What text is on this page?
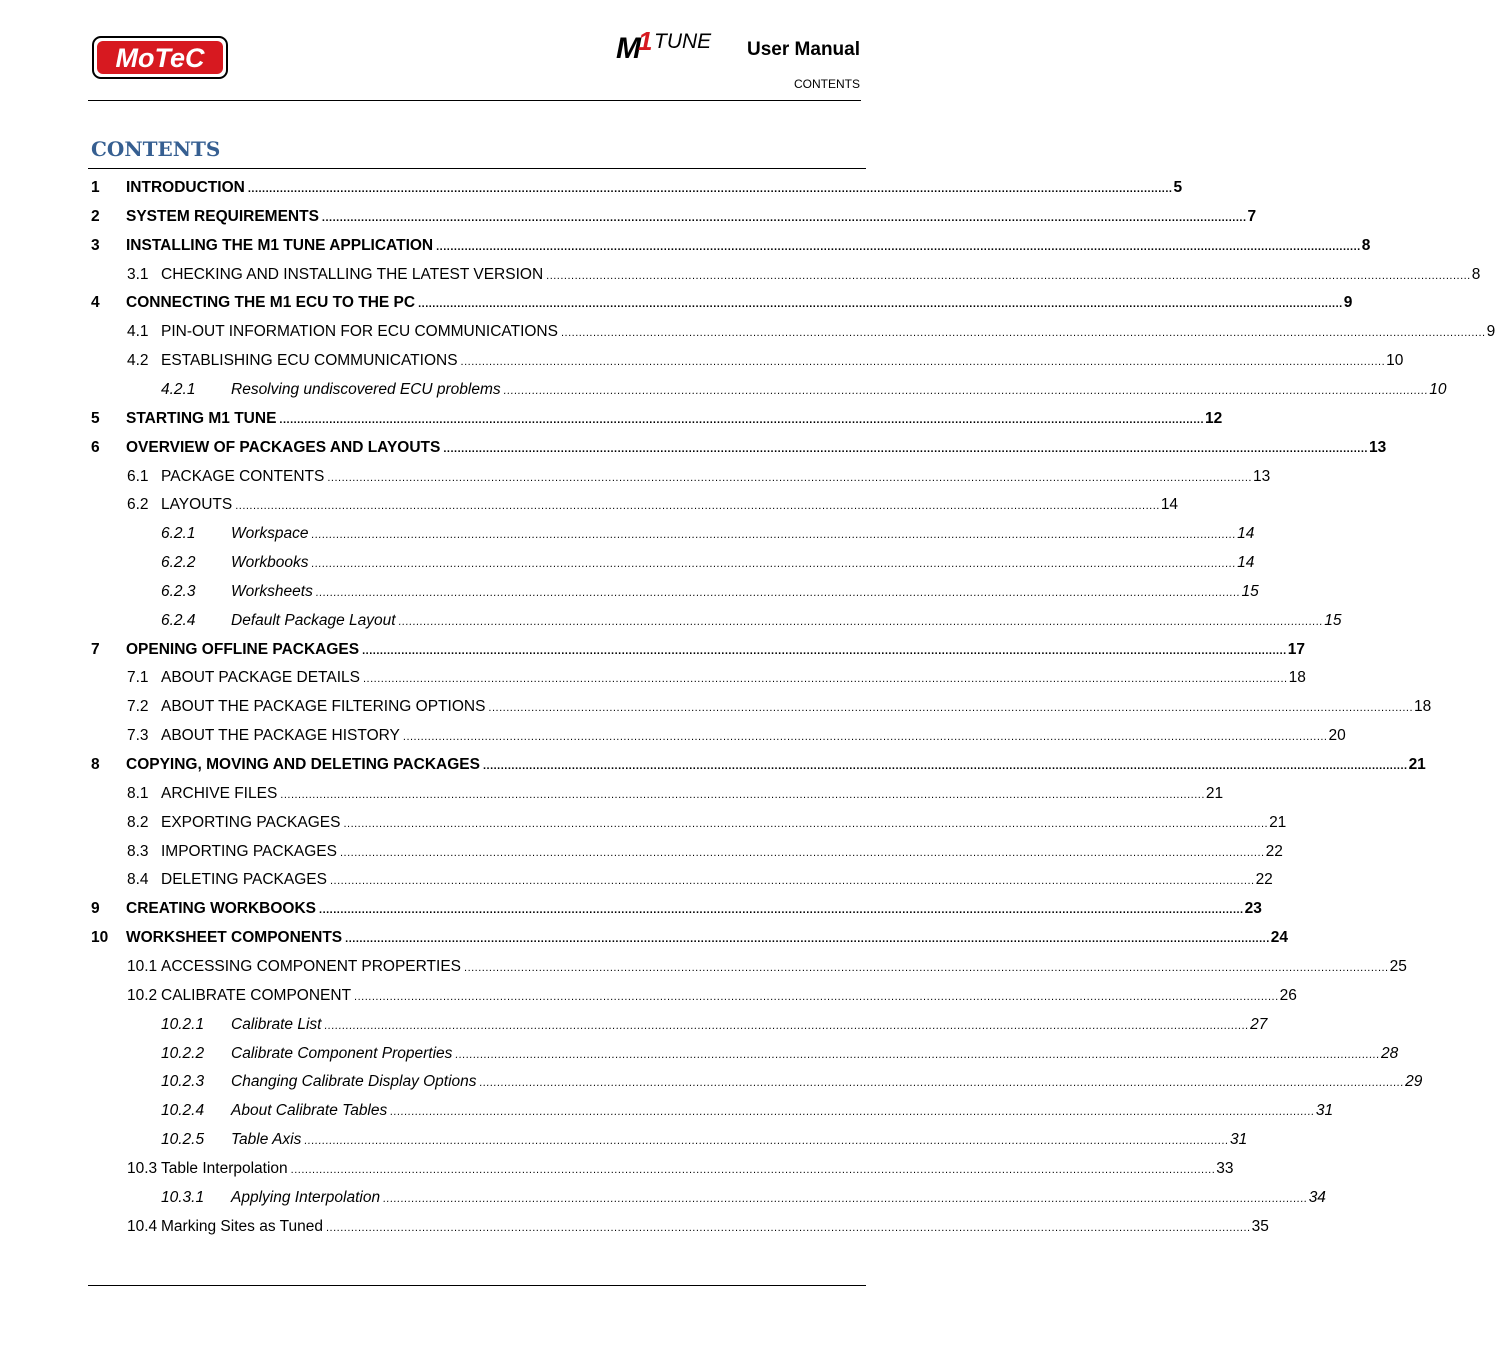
MoTeC	M
1 TUNE User Manual
CONTENTS
CONTENTS
1 INTRODUCTION .................................................................................................................................................................................................................................................................... 5
2 SYSTEM REQUIREMENTS .................................................................................................................................................................................................................................................................... 7
3 INSTALLING THE M1 TUNE APPLICATION .................................................................................................................................................................................................................................................................... 8
3.1 CHECKING AND INSTALLING THE LATEST VERSION .................................................................................................................................................................................................................................................................... 8
4 CONNECTING THE M1 ECU TO THE PC .................................................................................................................................................................................................................................................................... 9
4.1 PIN-OUT INFORMATION FOR ECU COMMUNICATIONS .................................................................................................................................................................................................................................................................... 9
4.2 ESTABLISHING ECU COMMUNICATIONS .................................................................................................................................................................................................................................................................... 10
4.2.1 Resolving undiscovered ECU problems .................................................................................................................................................................................................................................................................... 10
5 STARTING M1 TUNE .................................................................................................................................................................................................................................................................... 12
6 OVERVIEW OF PACKAGES AND LAYOUTS .................................................................................................................................................................................................................................................................... 13
6.1 PACKAGE CONTENTS .................................................................................................................................................................................................................................................................... 13
6.2 LAYOUTS .................................................................................................................................................................................................................................................................... 14
6.2.1 Workspace .................................................................................................................................................................................................................................................................... 14
6.2.2 Workbooks .................................................................................................................................................................................................................................................................... 14
6.2.3 Worksheets .................................................................................................................................................................................................................................................................... 15
6.2.4 Default Package Layout .................................................................................................................................................................................................................................................................... 15
7 OPENING OFFLINE PACKAGES .................................................................................................................................................................................................................................................................... 17
7.1 ABOUT PACKAGE DETAILS .................................................................................................................................................................................................................................................................... 18
7.2 ABOUT THE PACKAGE FILTERING OPTIONS .................................................................................................................................................................................................................................................................... 18
7.3 ABOUT THE PACKAGE HISTORY .................................................................................................................................................................................................................................................................... 20
8 COPYING, MOVING AND DELETING PACKAGES .................................................................................................................................................................................................................................................................... 21
8.1 ARCHIVE FILES .................................................................................................................................................................................................................................................................... 21
8.2 EXPORTING PACKAGES .................................................................................................................................................................................................................................................................... 21
8.3 IMPORTING PACKAGES .................................................................................................................................................................................................................................................................... 22
8.4 DELETING PACKAGES .................................................................................................................................................................................................................................................................... 22
9 CREATING WORKBOOKS .................................................................................................................................................................................................................................................................... 23
10 WORKSHEET COMPONENTS .................................................................................................................................................................................................................................................................... 24
10.1 ACCESSING COMPONENT PROPERTIES .................................................................................................................................................................................................................................................................... 25
10.2 CALIBRATE COMPONENT .................................................................................................................................................................................................................................................................... 26
10.2.1 Calibrate List .................................................................................................................................................................................................................................................................... 27
10.2.2 Calibrate Component Properties .................................................................................................................................................................................................................................................................... 28
10.2.3 Changing Calibrate Display Options .................................................................................................................................................................................................................................................................... 29
10.2.4 About Calibrate Tables .................................................................................................................................................................................................................................................................... 31
10.2.5 Table Axis .................................................................................................................................................................................................................................................................... 31
10.3 Table Interpolation .................................................................................................................................................................................................................................................................... 33
10.3.1 Applying Interpolation .................................................................................................................................................................................................................................................................... 34
10.4 Marking Sites as Tuned .................................................................................................................................................................................................................................................................... 35
